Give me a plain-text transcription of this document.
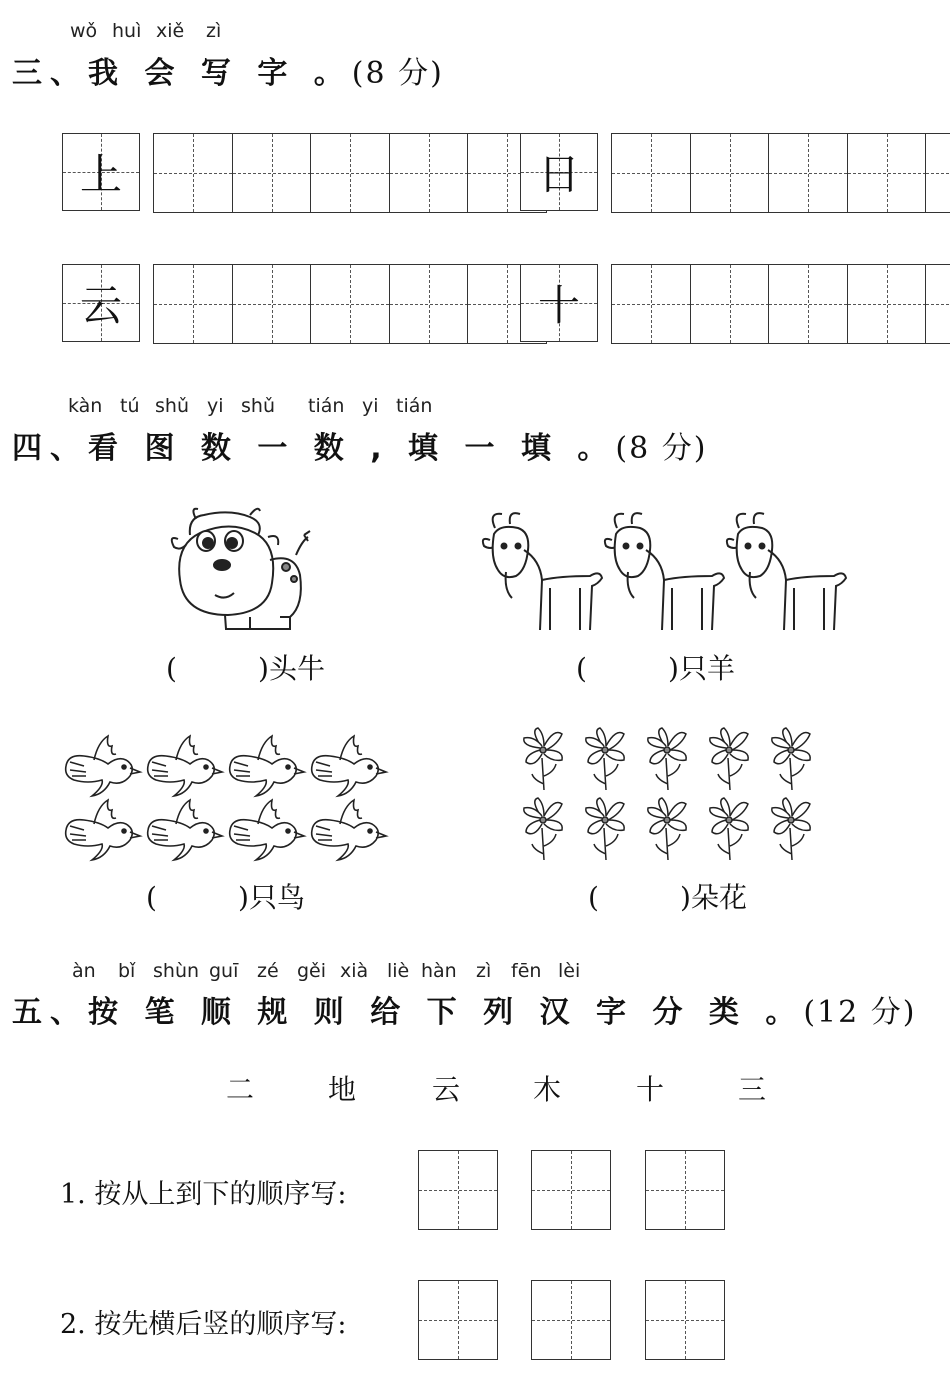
wǒ huì xiě zì
三、我 会 写 字 。(8 分)
上	日
云	十
kàn tú shǔ yi shǔ tián yi tián
四、看 图 数 一 数 , 填 一 填 。(8 分)
(	)头牛	(	)只羊
(	)只鸟	(	)朵花
àn bǐ shùn guī zé gěi xià liè hàn zì fēn lèi
五、按 笔 顺 规 则 给 下 列 汉 字 分 类 。(12 分)
二	地	云	木	十	三
1. 按从上到下的顺序写:
2. 按先横后竖的顺序写:
